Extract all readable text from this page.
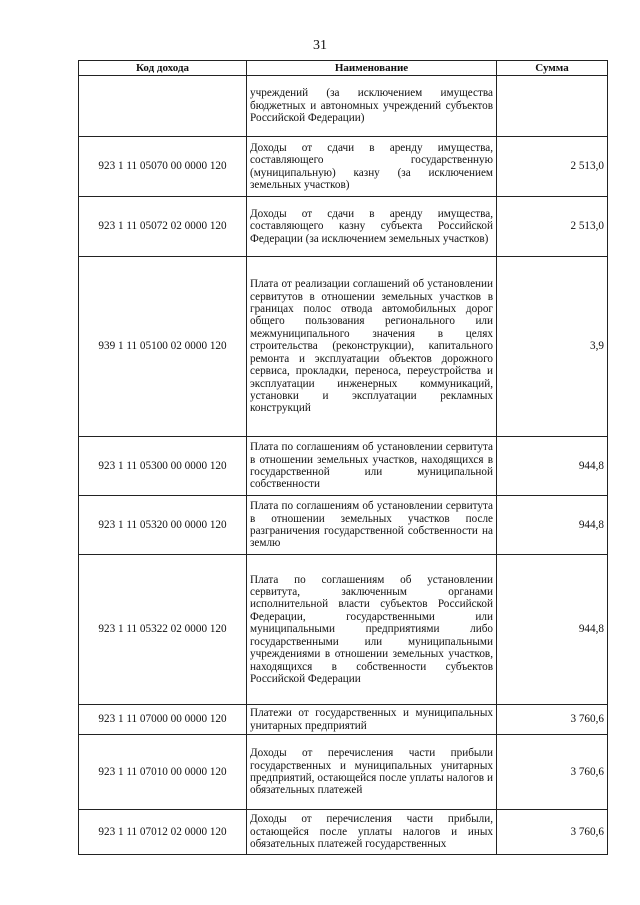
31
Код дохода	Наименование	Сумма

	учреждений (за исключением имущества бюджетных и автономных учреждений субъектов Российской Федерации)	

923 1 11 05070 00 0000 120	Доходы от сдачи в аренду имущества, составляющего государственную (муниципальную) казну (за исключением земельных участков)	2 513,0
923 1 11 05072 02 0000 120	Доходы от сдачи в аренду имущества, составляющего казну субъекта Российской Федерации (за исключением земельных участков)	2 513,0
939 1 11 05100 02 0000 120	Плата от реализации соглашений об установлении сервитутов в отношении земельных участков в границах полос отвода автомобильных дорог общего пользования регионального или межмуниципального значения в целях строительства (реконструкции), капитального ремонта и эксплуатации объектов дорожного сервиса, прокладки, переноса, переустройства и эксплуатации инженерных коммуникаций, установки и эксплуатации рекламных конструкций	3,9
923 1 11 05300 00 0000 120	Плата по соглашениям об установлении сервитута в отношении земельных участков, находящихся в государственной или муниципальной собственности	944,8
923 1 11 05320 00 0000 120	Плата по соглашениям об установлении сервитута в отношении земельных участков после разграничения государственной собственности на землю	944,8
923 1 11 05322 02 0000 120	Плата по соглашениям об установлении сервитута, заключенным органами исполнительной власти субъектов Российской Федерации, государственными или муниципальными предприятиями либо государственными или муниципальными учреждениями в отношении земельных участков, находящихся в собственности субъектов Российской Федерации	944,8
923 1 11 07000 00 0000 120	Платежи от государственных и муниципальных унитарных предприятий	3 760,6
923 1 11 07010 00 0000 120	Доходы от перечисления части прибыли государственных и муниципальных унитарных предприятий, остающейся после уплаты налогов и обязательных платежей	3 760,6
923 1 11 07012 02 0000 120	Доходы от перечисления части прибыли, остающейся после уплаты налогов и иных обязательных платежей государственных	3 760,6
